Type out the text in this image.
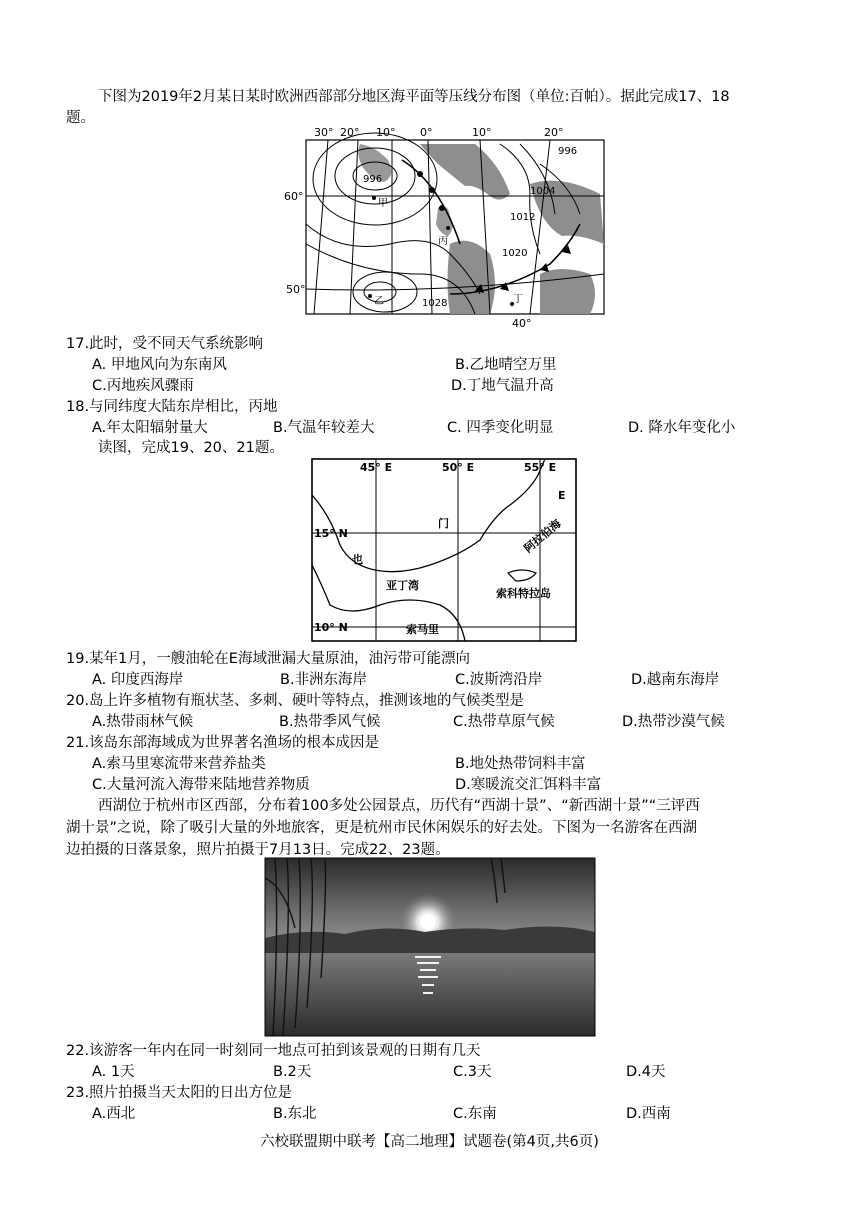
下图为2019年2月某日某时欧洲西部部分地区海平面等压线分布图（单位:百帕）。据此完成17、18
题。
30° 20° 10° 0°	10°	20°
60°
50°
40°
996
996
1004
1012
1020
1028
甲
乙
丙
丁
17.此时，受不同天气系统影响
A. 甲地风向为东南风	B.乙地晴空万里
C.丙地疾风骤雨	D.丁地气温升高
18.与同纬度大陆东岸相比，丙地
A.年太阳辐射量大	B.气温年较差大	C. 四季变化明显	D. 降水年变化小
读图，完成19、20、21题。
45° E	50° E	55° E
15° N
10° N
E
门
也
阿拉伯海
亚丁湾
索科特拉岛
索马里
19.某年1月，一艘油轮在E海域泄漏大量原油，油污带可能漂向
A. 印度西海岸	B.非洲东海岸	C.波斯湾沿岸	D.越南东海岸
20.岛上许多植物有瓶状茎、多刺、硬叶等特点，推测该地的气候类型是
A.热带雨林气候	B.热带季风气候	C.热带草原气候	D.热带沙漠气候
21.该岛东部海域成为世界著名渔场的根本成因是
A.索马里寒流带来营养盐类	B.地处热带饲料丰富
C.大量河流入海带来陆地营养物质	D.寒暖流交汇饵料丰富
西湖位于杭州市区西部，分布着100多处公园景点，历代有“西湖十景”、“新西湖十景”“三评西
湖十景”之说，除了吸引大量的外地旅客，更是杭州市民休闲娱乐的好去处。下图为一名游客在西湖
边拍摄的日落景象，照片拍摄于7月13日。完成22、23题。
22.该游客一年内在同一时刻同一地点可拍到该景观的日期有几天
A. 1天	B.2天	C.3天	D.4天
23.照片拍摄当天太阳的日出方位是
A.西北	B.东北	C.东南	D.西南
六校联盟期中联考【高二地理】试题卷(第4页,共6页)
